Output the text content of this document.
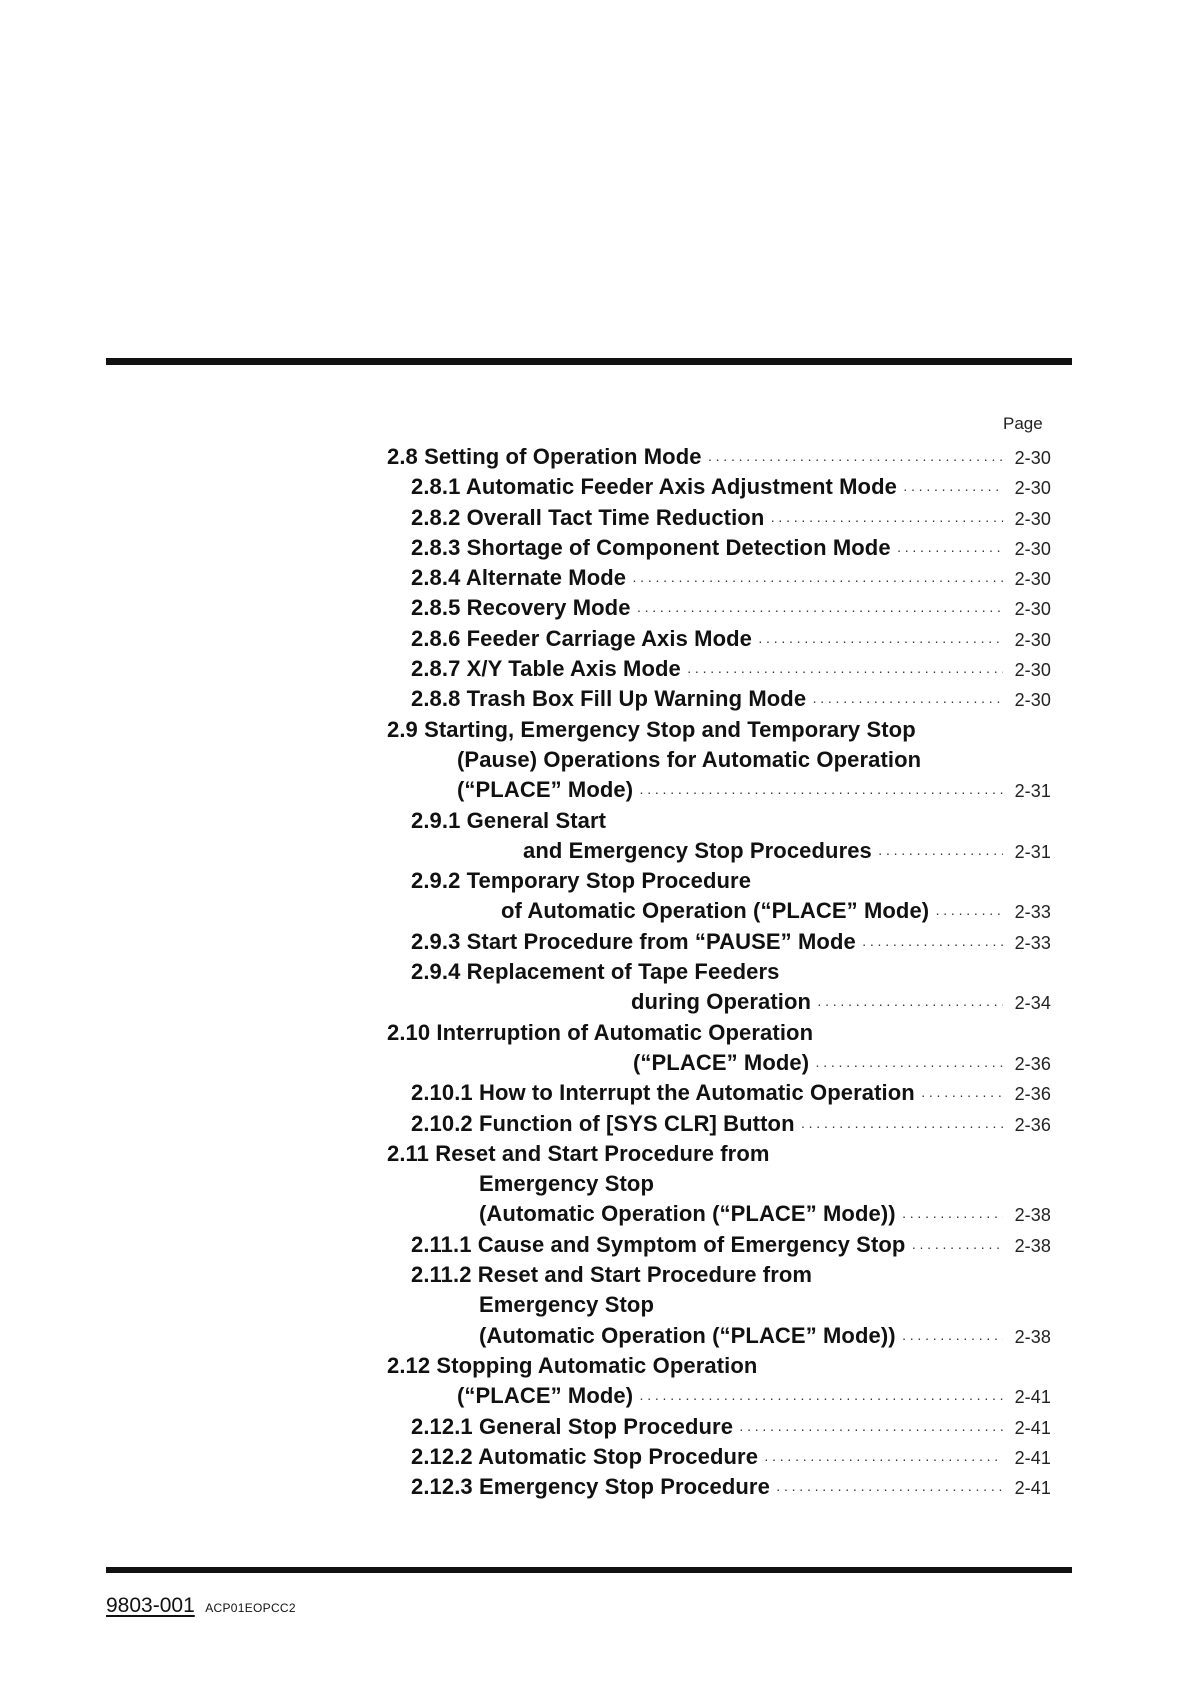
Page
2.8 Setting of Operation Mode ·····	2-30
2.8.1 Automatic Feeder Axis Adjustment Mode ·····	2-30
2.8.2 Overall Tact Time Reduction ·····	2-30
2.8.3 Shortage of Component Detection Mode ·····	2-30
2.8.4 Alternate Mode ·····	2-30
2.8.5 Recovery Mode ·····	2-30
2.8.6 Feeder Carriage Axis Mode ·····	2-30
2.8.7 X/Y Table Axis Mode ·····	2-30
2.8.8 Trash Box Fill Up Warning Mode ·····	2-30
2.9 Starting, Emergency Stop and Temporary Stop
(Pause) Operations for Automatic Operation
(“PLACE” Mode) ·····	2-31
2.9.1 General Start
and Emergency Stop Procedures ·····	2-31
2.9.2 Temporary Stop Procedure
of Automatic Operation (“PLACE” Mode) ·····	2-33
2.9.3 Start Procedure from “PAUSE” Mode ·····	2-33
2.9.4 Replacement of Tape Feeders
during Operation ·····	2-34
2.10 Interruption of Automatic Operation
(“PLACE” Mode) ·····	2-36
2.10.1 How to Interrupt the Automatic Operation ·····	2-36
2.10.2 Function of [SYS CLR] Button ·····	2-36
2.11 Reset and Start Procedure from
Emergency Stop
(Automatic Operation (“PLACE” Mode)) ·····	2-38
2.11.1 Cause and Symptom of Emergency Stop ·····	2-38
2.11.2 Reset and Start Procedure from
Emergency Stop
(Automatic Operation (“PLACE” Mode)) ·····	2-38
2.12 Stopping Automatic Operation
(“PLACE” Mode) ·····	2-41
2.12.1 General Stop Procedure ·····	2-41
2.12.2 Automatic Stop Procedure ·····	2-41
2.12.3 Emergency Stop Procedure ·····	2-41
9803-001 ACP01EOPCC2
